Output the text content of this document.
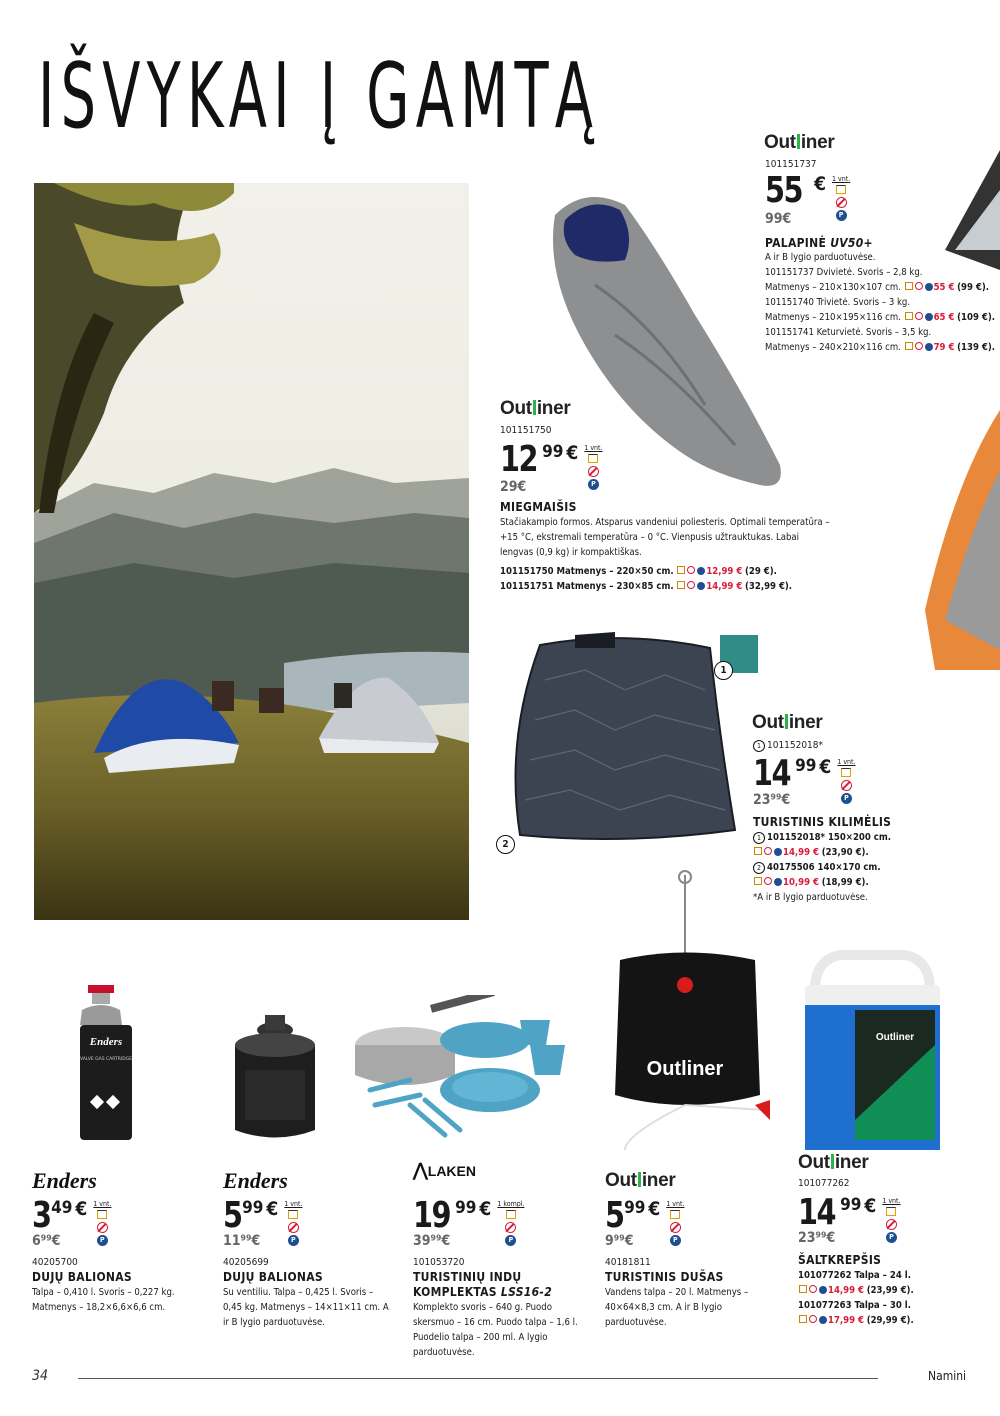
IŠVYKAI Į GAMTĄ	Out iner
101151737
55 € 1 vnt.
P
99€
PALAPINĖ UV50+
A ir B lygio parduotuvėse.
101151737 Dvivietė. Svoris – 2,8 kg.
Matmenys – 210×130×107 cm.	55 € (99 €).
101151740 Trivietė. Svoris – 3 kg.
Matmenys – 210×195×116 cm.	65 € (109 €).
101151741 Keturvietė. Svoris – 3,5 kg.
Matmenys – 240×210×116 cm.	79 € (139 €).
Out iner
101151750
12 99 € 1 vnt.
P
29€
MIEGMAIŠIS
Stačiakampio formos. Atsparus vandeniui poliesteris. Optimali temperatūra – +15 °C, ekstremali temperatūra – 0 °C. Vienpusis užtrauktukas. Labai lengvas (0,9 kg) ir kompaktiškas.
101151750 Matmenys – 220×50 cm.	12,99 € (29 €).
101151751 Matmenys – 230×85 cm.	14,99 € (32,99 €).
1
2
Out iner
1 101152018*
14 99 € 1 vnt.
P
23⁹⁹€
TURISTINIS KILIMĖLIS
1 101152018* 150×200 cm.
14,99 € (23,90 €).
2 40175506 140×170 cm.
10,99 € (18,99 €).
*A ir B lygio parduotuvėse.
Enders
VALVE GAS CARTRIDGE	Outliner
Outliner
Enders
3 49 € 1 vnt.
P
6⁹⁹€
40205700
DUJŲ BALIONAS
Talpa – 0,410 l. Svoris – 0,227 kg. Matmenys – 18,2×6,6×6,6 cm.
Enders
5 99 € 1 vnt.
P
11⁹⁹€
40205699
DUJŲ BALIONAS
Su ventiliu. Talpa – 0,425 l. Svoris – 0,45 kg. Matmenys – 14×11×11 cm. A ir B lygio parduotuvėse.
⋀LAKEN
19 99 € 1 kompl.
P
39⁹⁹€
101053720
TURISTINIŲ INDŲ
KOMPLEKTAS LSS16-2
Komplekto svoris – 640 g. Puodo skersmuo – 16 cm. Puodo talpa – 1,6 l. Puodelio talpa – 200 ml. A lygio parduotuvėse.
Out iner
5 99 € 1 vnt.
P
9⁹⁹€
40181811
TURISTINIS DUŠAS
Vandens talpa – 20 l. Matmenys – 40×64×8,3 cm. A ir B lygio parduotuvėse.
Out iner
101077262
14 99 € 1 vnt.
P
23⁹⁹€
ŠALTKREPŠIS
101077262 Talpa – 24 l.
14,99 € (23,99 €).
101077263 Talpa – 30 l.
17,99 € (29,99 €).
34	Namini
